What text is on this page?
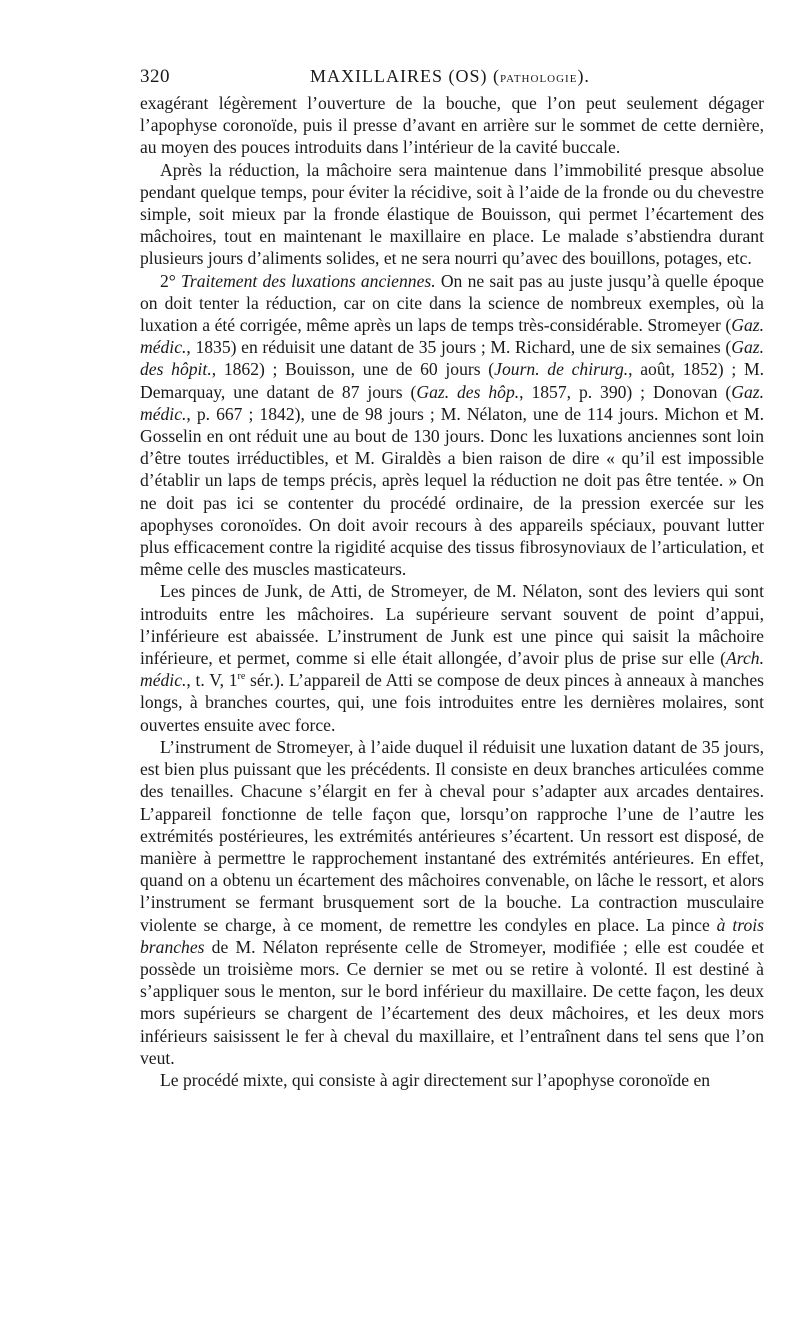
320	MAXILLAIRES (OS) (PATHOLOGIE).

exagérant légèrement l’ouverture de la bouche, que l’on peut seulement dégager l’apophyse coronoïde, puis il presse d’avant en arrière sur le sommet de cette dernière, au moyen des pouces introduits dans l’intérieur de la cavité buccale.

Après la réduction, la mâchoire sera maintenue dans l’immobilité presque absolue pendant quelque temps, pour éviter la récidive, soit à l’aide de la fronde ou du chevestre simple, soit mieux par la fronde élastique de Bouisson, qui permet l’écartement des mâchoires, tout en maintenant le maxillaire en place. Le malade s’abstiendra durant plusieurs jours d’aliments solides, et ne sera nourri qu’avec des bouillons, potages, etc.

2° Traitement des luxations anciennes. On ne sait pas au juste jusqu’à quelle époque on doit tenter la réduction, car on cite dans la science de nombreux exemples, où la luxation a été corrigée, même après un laps de temps très-considérable. Stromeyer (Gaz. médic., 1835) en réduisit une datant de 35 jours ; M. Richard, une de six semaines (Gaz. des hôpit., 1862) ; Bouisson, une de 60 jours (Journ. de chirurg., août, 1852) ; M. Demarquay, une datant de 87 jours (Gaz. des hôp., 1857, p. 390) ; Donovan (Gaz. médic., p. 667 ; 1842), une de 98 jours ; M. Nélaton, une de 114 jours. Michon et M. Gosselin en ont réduit une au bout de 130 jours. Donc les luxations anciennes sont loin d’être toutes irréductibles, et M. Giraldès a bien raison de dire « qu’il est impossible d’établir un laps de temps précis, après lequel la réduction ne doit pas être tentée. » On ne doit pas ici se contenter du procédé ordinaire, de la pression exercée sur les apophyses coronoïdes. On doit avoir recours à des appareils spéciaux, pouvant lutter plus efficacement contre la rigidité acquise des tissus fibrosynoviaux de l’articulation, et même celle des muscles masticateurs.

Les pinces de Junk, de Atti, de Stromeyer, de M. Nélaton, sont des leviers qui sont introduits entre les mâchoires. La supérieure servant souvent de point d’appui, l’inférieure est abaissée. L’instrument de Junk est une pince qui saisit la mâchoire inférieure, et permet, comme si elle était allongée, d’avoir plus de prise sur elle (Arch. médic., t. V, 1re sér.). L’appareil de Atti se compose de deux pinces à anneaux à manches longs, à branches courtes, qui, une fois introduites entre les dernières molaires, sont ouvertes ensuite avec force.

L’instrument de Stromeyer, à l’aide duquel il réduisit une luxation datant de 35 jours, est bien plus puissant que les précédents. Il consiste en deux branches articulées comme des tenailles. Chacune s’élargit en fer à cheval pour s’adapter aux arcades dentaires. L’appareil fonctionne de telle façon que, lorsqu’on rapproche l’une de l’autre les extrémités postérieures, les extrémités antérieures s’écartent. Un ressort est disposé, de manière à permettre le rapprochement instantané des extrémités antérieures. En effet, quand on a obtenu un écartement des mâchoires convenable, on lâche le ressort, et alors l’instrument se fermant brusquement sort de la bouche. La contraction musculaire violente se charge, à ce moment, de remettre les condyles en place. La pince à trois branches de M. Nélaton représente celle de Stromeyer, modifiée ; elle est coudée et possède un troisième mors. Ce dernier se met ou se retire à volonté. Il est destiné à s’appliquer sous le menton, sur le bord inférieur du maxillaire. De cette façon, les deux mors supérieurs se chargent de l’écartement des deux mâchoires, et les deux mors inférieurs saisissent le fer à cheval du maxillaire, et l’entraînent dans tel sens que l’on veut.

Le procédé mixte, qui consiste à agir directement sur l’apophyse coronoïde en
